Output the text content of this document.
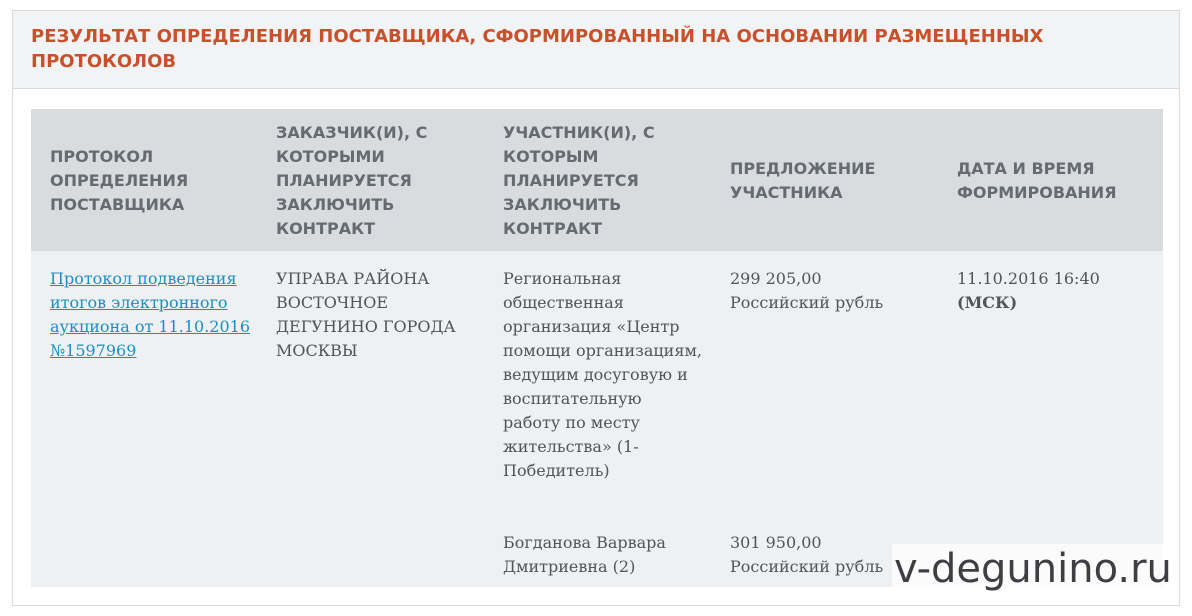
РЕЗУЛЬТАТ ОПРЕДЕЛЕНИЯ ПОСТАВЩИКА, СФОРМИРОВАННЫЙ НА ОСНОВАНИИ РАЗМЕЩЕННЫХ ПРОТОКОЛОВ
ПРОТОКОЛ ОПРЕДЕЛЕНИЯ ПОСТАВЩИКА
ЗАКАЗЧИК(И), С КОТОРЫМИ ПЛАНИРУЕТСЯ ЗАКЛЮЧИТЬ КОНТРАКТ
УЧАСТНИК(И), С КОТОРЫМ ПЛАНИРУЕТСЯ ЗАКЛЮЧИТЬ КОНТРАКТ
ПРЕДЛОЖЕНИЕ УЧАСТНИКА
ДАТА И ВРЕМЯ ФОРМИРОВАНИЯ
Протокол подведения итогов электронного аукциона от 11.10.2016 №1597969
УПРАВА РАЙОНА ВОСТОЧНОЕ ДЕГУНИНО ГОРОДА МОСКВЫ
Региональная общественная организация «Центр помощи организациям, ведущим досуговую и воспитательную работу по месту жительства» (1-Победитель)
299 205,00
Российский рубль
Богданова Варвара Дмитриевна (2)
301 950,00
Российский рубль
11.10.2016 16:40 (МСК)
v-degunino.ru
